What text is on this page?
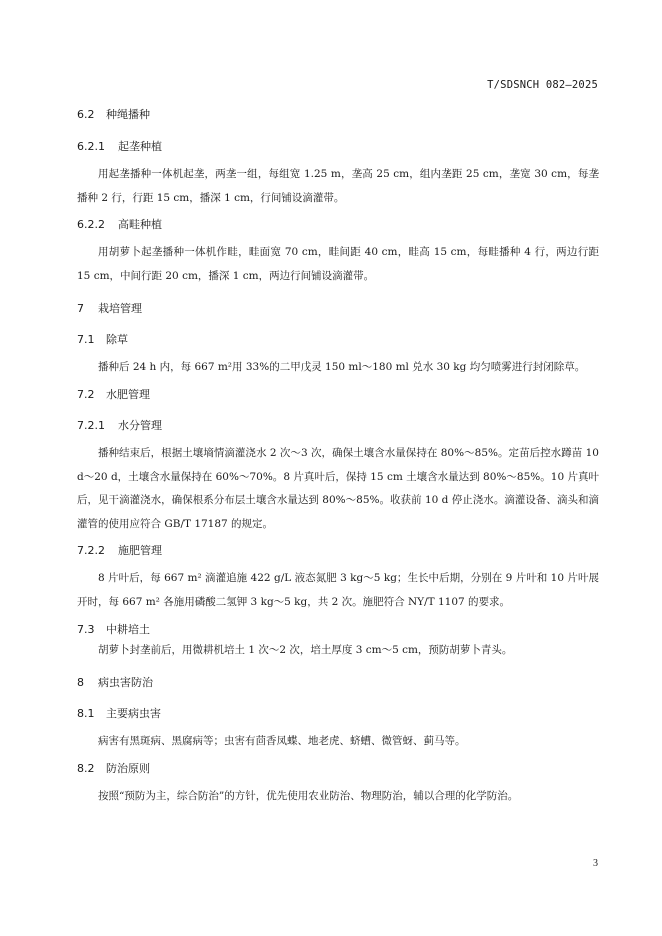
T/SDSNCH 082—2025

6.2 种绳播种

6.2.1 起垄种植

用起垄播种一体机起垄，两垄一组，每组宽 1.25 m，垄高 25 cm，组内垄距 25 cm，垄宽 30 cm，每垄播种 2 行，行距 15 cm，播深 1 cm，行间铺设滴灌带。

6.2.2 高畦种植

用胡萝卜起垄播种一体机作畦，畦面宽 70 cm，畦间距 40 cm，畦高 15 cm，每畦播种 4 行，两边行距 15 cm，中间行距 20 cm，播深 1 cm，两边行间铺设滴灌带。

7 栽培管理

7.1 除草

播种后 24 h 内，每 667 m²用 33%的二甲戊灵 150 ml～180 ml 兑水 30 kg 均匀喷雾进行封闭除草。

7.2 水肥管理

7.2.1 水分管理

播种结束后，根据土壤墒情滴灌浇水 2 次～3 次，确保土壤含水量保持在 80%～85%。定苗后控水蹲苗 10 d～20 d，土壤含水量保持在 60%～70%。8 片真叶后，保持 15 cm 土壤含水量达到 80%～85%。10 片真叶后，见干滴灌浇水，确保根系分布层土壤含水量达到 80%～85%。收获前 10 d 停止浇水。滴灌设备、滴头和滴灌管的使用应符合 GB/T 17187 的规定。

7.2.2 施肥管理

8 片叶后，每 667 m² 滴灌追施 422 g/L 液态氮肥 3 kg～5 kg；生长中后期，分别在 9 片叶和 10 片叶展开时，每 667 m² 各施用磷酸二氢钾 3 kg～5 kg，共 2 次。施肥符合 NY/T 1107 的要求。

7.3 中耕培土

胡萝卜封垄前后，用微耕机培土 1 次～2 次，培土厚度 3 cm～5 cm，预防胡萝卜青头。

8 病虫害防治

8.1 主要病虫害

病害有黑斑病、黑腐病等；虫害有茴香凤蝶、地老虎、蛴螬、微管蚜、蓟马等。

8.2 防治原则

按照“预防为主，综合防治”的方针，优先使用农业防治、物理防治，辅以合理的化学防治。

3
